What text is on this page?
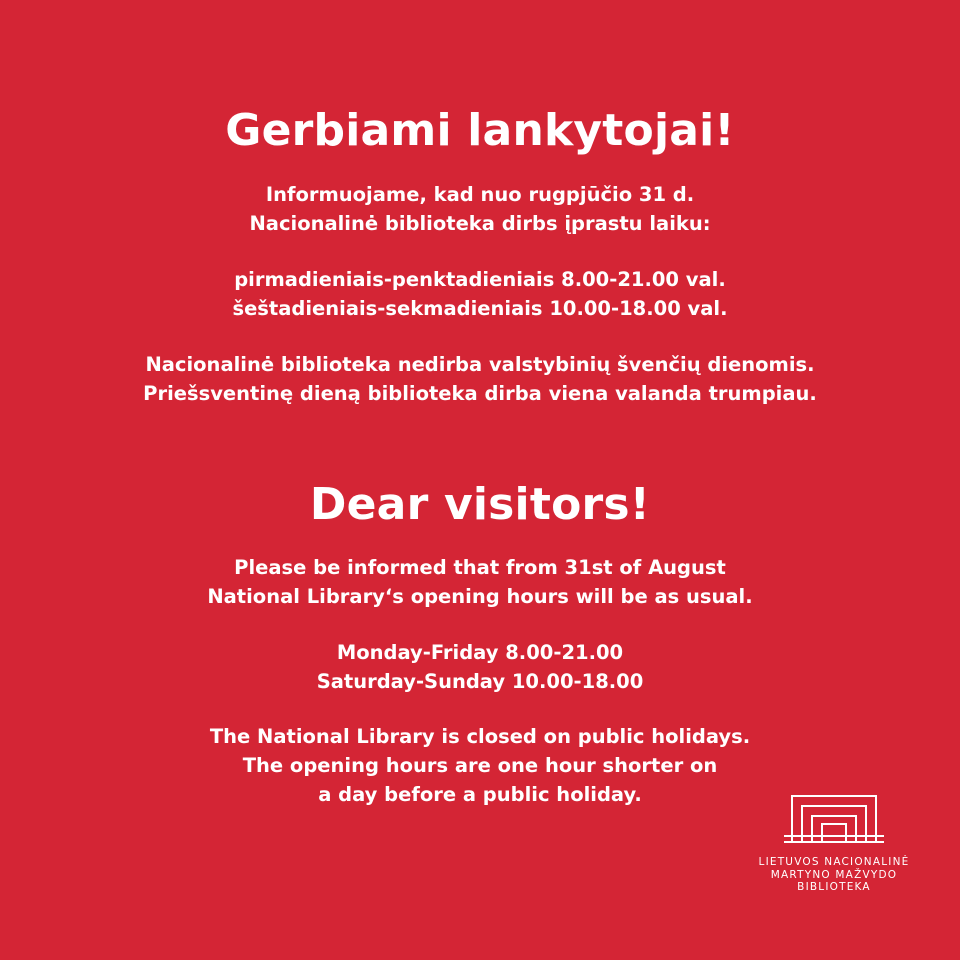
Gerbiami lankytojai!
Informuojame, kad nuo rugpjūčio 31 d.
Nacionalinė biblioteka dirbs įprastu laiku:
pirmadieniais-penktadieniais 8.00-21.00 val.
šeštadieniais-sekmadieniais 10.00-18.00 val.
Nacionalinė biblioteka nedirba valstybinių švenčių dienomis.
Priešsventinę dieną biblioteka dirba viena valanda trumpiau.
Dear visitors!
Please be informed that from 31st of August
National Library‘s opening hours will be as usual.
Monday-Friday 8.00-21.00
Saturday-Sunday 10.00-18.00
The National Library is closed on public holidays.
The opening hours are one hour shorter on
a day before a public holiday.
LIETUVOS NACIONALINĖ
MARTYNO MAŽVYDO
BIBLIOTEKA
